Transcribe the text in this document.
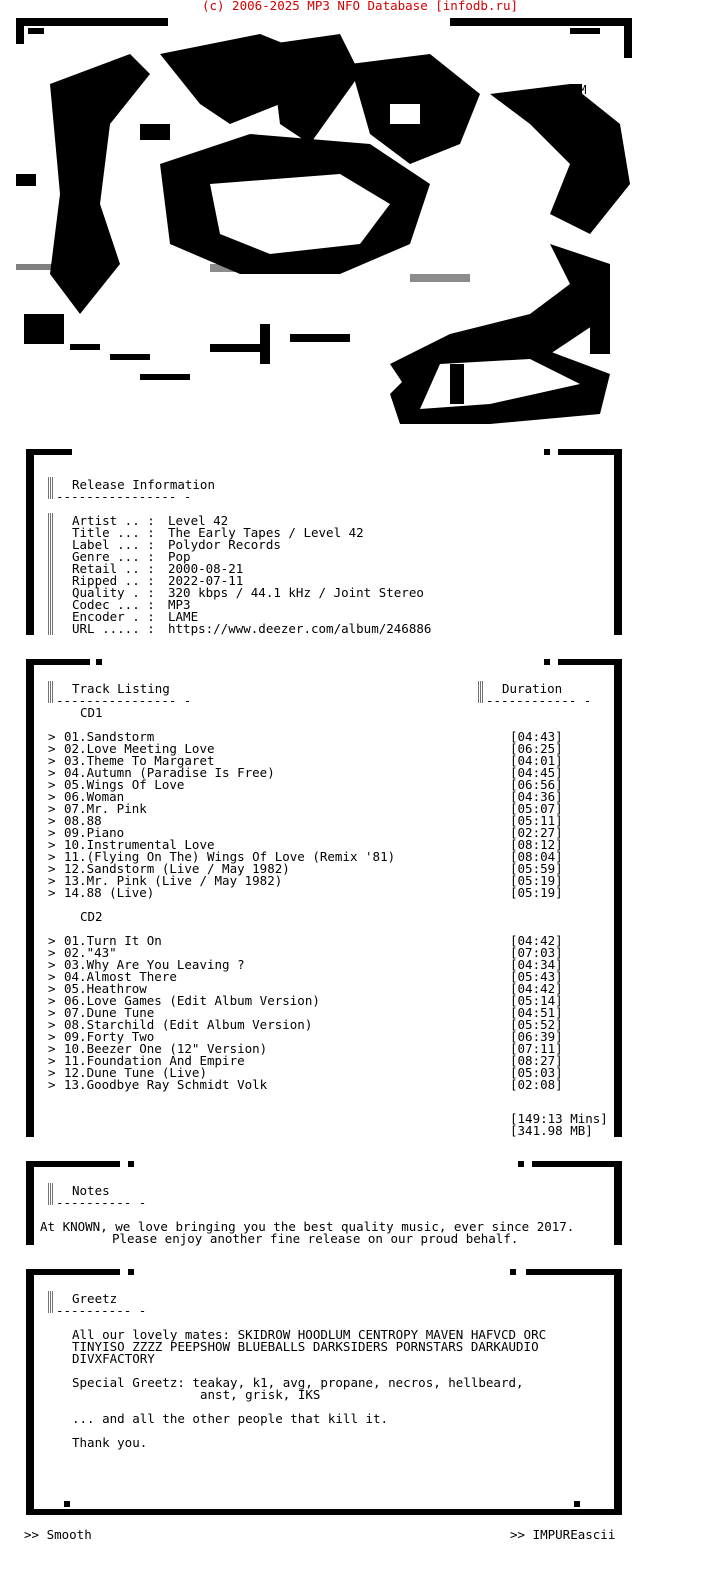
(c) 2006-2025 MP3 NFO Database [infodb.ru]
sM
Release Information
---------------- -
Artist .. : Level 42
Title ... : The Early Tapes / Level 42
Label ... : Polydor Records
Genre ... : Pop
Retail .. : 2000-08-21
Ripped .. : 2022-07-11
Quality . : 320 kbps / 44.1 kHz / Joint Stereo
Codec ... : MP3
Encoder . : LAME
URL ..... : https://www.deezer.com/album/246886
Track Listing
---------------- -
Duration
------------ -
CD1
> 01.Sandstorm	[04:43]
> 02.Love Meeting Love	[06:25]
> 03.Theme To Margaret	[04:01]
> 04.Autumn (Paradise Is Free)	[04:45]
> 05.Wings Of Love	[06:56]
> 06.Woman	[04:36]
> 07.Mr. Pink	[05:07]
> 08.88	[05:11]
> 09.Piano	[02:27]
> 10.Instrumental Love	[08:12]
> 11.(Flying On The) Wings Of Love (Remix '81)	[08:04]
> 12.Sandstorm (Live / May 1982)	[05:59]
> 13.Mr. Pink (Live / May 1982)	[05:19]
> 14.88 (Live)	[05:19]
CD2
> 01.Turn It On	[04:42]
> 02."43"	[07:03]
> 03.Why Are You Leaving ?	[04:34]
> 04.Almost There	[05:43]
> 05.Heathrow	[04:42]
> 06.Love Games (Edit Album Version)	[05:14]
> 07.Dune Tune	[04:51]
> 08.Starchild (Edit Album Version)	[05:52]
> 09.Forty Two	[06:39]
> 10.Beezer One (12" Version)	[07:11]
> 11.Foundation And Empire	[08:27]
> 12.Dune Tune (Live)	[05:03]
> 13.Goodbye Ray Schmidt Volk	[02:08]
[149:13 Mins]
[341.98 MB]
Notes
---------- -
At KNOWN, we love bringing you the best quality music, ever since 2017.
Please enjoy another fine release on our proud behalf.
Greetz
---------- -
All our lovely mates: SKIDROW HOODLUM CENTROPY MAVEN HAFVCD ORC
TINYISO ZZZZ PEEPSHOW BLUEBALLS DARKSIDERS PORNSTARS DARKAUDIO
DIVXFACTORY
Special Greetz: teakay, k1, avg, propane, necros, hellbeard,
anst, grisk, IKS
... and all the other people that kill it.
Thank you.
>> Smooth	>> IMPUREascii
